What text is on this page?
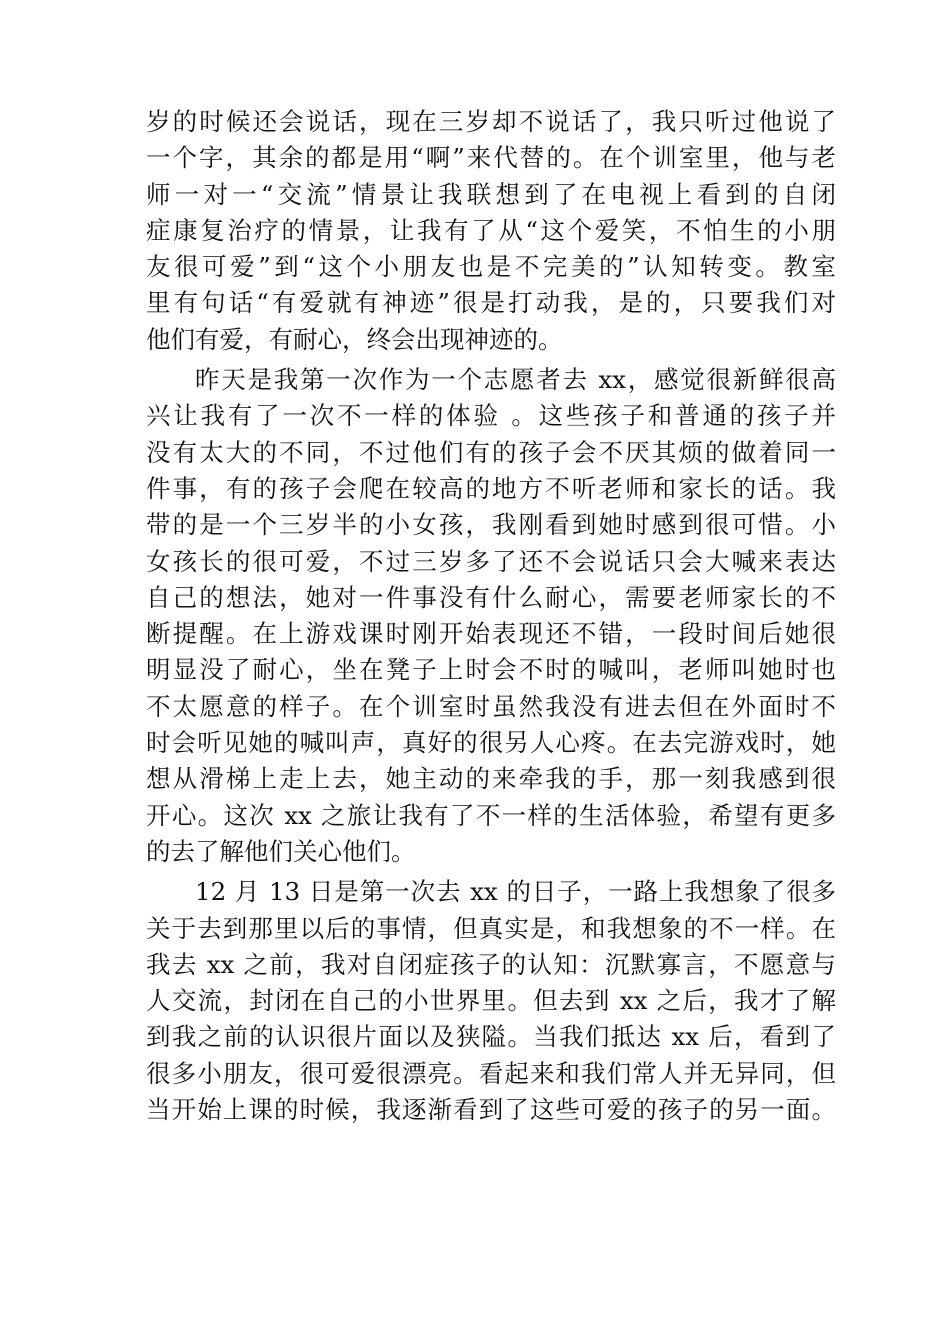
岁的时候还会说话，现在三岁却不说话了，我只听过他说了
一个字，其余的都是用“啊”来代替的。在个训室里，他与老
师一对一“交流”情景让我联想到了在电视上看到的自闭
症康复治疗的情景，让我有了从“这个爱笑，不怕生的小朋
友很可爱”到“这个小朋友也是不完美的”认知转变。教室
里有句话“有爱就有神迹”很是打动我，是的，只要我们对
他们有爱，有耐心，终会出现神迹的。
昨天是我第一次作为一个志愿者去 xx，感觉很新鲜很高
兴让我有了一次不一样的体验 。这些孩子和普通的孩子并
没有太大的不同，不过他们有的孩子会不厌其烦的做着同一
件事，有的孩子会爬在较高的地方不听老师和家长的话。我
带的是一个三岁半的小女孩，我刚看到她时感到很可惜。小
女孩长的很可爱，不过三岁多了还不会说话只会大喊来表达
自己的想法，她对一件事没有什么耐心，需要老师家长的不
断提醒。在上游戏课时刚开始表现还不错，一段时间后她很
明显没了耐心，坐在凳子上时会不时的喊叫，老师叫她时也
不太愿意的样子。在个训室时虽然我没有进去但在外面时不
时会听见她的喊叫声，真好的很另人心疼。在去完游戏时，她
想从滑梯上走上去，她主动的来牵我的手，那一刻我感到很
开心。这次 xx 之旅让我有了不一样的生活体验，希望有更多
的去了解他们关心他们。
12 月 13 日是第一次去 xx 的日子，一路上我想象了很多
关于去到那里以后的事情，但真实是，和我想象的不一样。在
我去 xx 之前，我对自闭症孩子的认知：沉默寡言，不愿意与
人交流，封闭在自己的小世界里。但去到 xx 之后，我才了解
到我之前的认识很片面以及狭隘。当我们抵达 xx 后，看到了
很多小朋友，很可爱很漂亮。看起来和我们常人并无异同，但
当开始上课的时候，我逐渐看到了这些可爱的孩子的另一面。
